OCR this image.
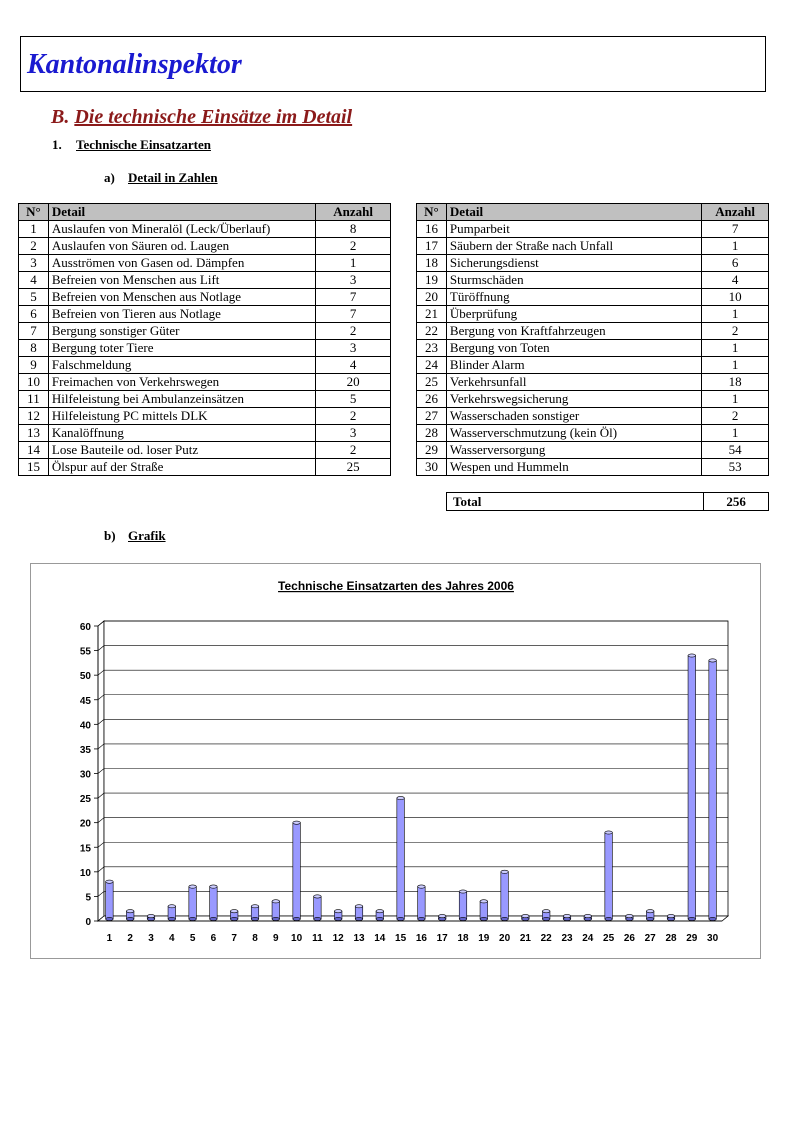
Kantonalinspektor
B. Die technische Einsätze im Detail
1. Technische Einsatzarten
a) Detail in Zahlen
N°	Detail	Anzahl
1	Auslaufen von Mineralöl (Leck/Überlauf)	8
2	Auslaufen von Säuren od. Laugen	2
3	Ausströmen von Gasen od. Dämpfen	1
4	Befreien von Menschen aus Lift	3
5	Befreien von Menschen aus Notlage	7
6	Befreien von Tieren aus Notlage	7
7	Bergung sonstiger Güter	2
8	Bergung toter Tiere	3
9	Falschmeldung	4
10	Freimachen von Verkehrswegen	20
11	Hilfeleistung bei Ambulanzeinsätzen	5
12	Hilfeleistung PC mittels DLK	2
13	Kanalöffnung	3
14	Lose Bauteile od. loser Putz	2
15	Ölspur auf der Straße	25
N°	Detail	Anzahl
16	Pumparbeit	7
17	Säubern der Straße nach Unfall	1
18	Sicherungsdienst	6
19	Sturmschäden	4
20	Türöffnung	10
21	Überprüfung	1
22	Bergung von Kraftfahrzeugen	2
23	Bergung von Toten	1
24	Blinder Alarm	1
25	Verkehrsunfall	18
26	Verkehrswegsicherung	1
27	Wasserschaden sonstiger	2
28	Wasserverschmutzung (kein Öl)	1
29	Wasserversorgung	54
30	Wespen und Hummeln	53
Total	256
b) Grafik
Technische Einsatzarten des Jahres 2006
0
5
10
15
20
25
30
35
40
45
50
55
60
1 2 3 4 5 6 7 8 9 10 11 12 13 14 15 16 17 18 19 20 21 22 23 24 25 26 27 28 29 30
